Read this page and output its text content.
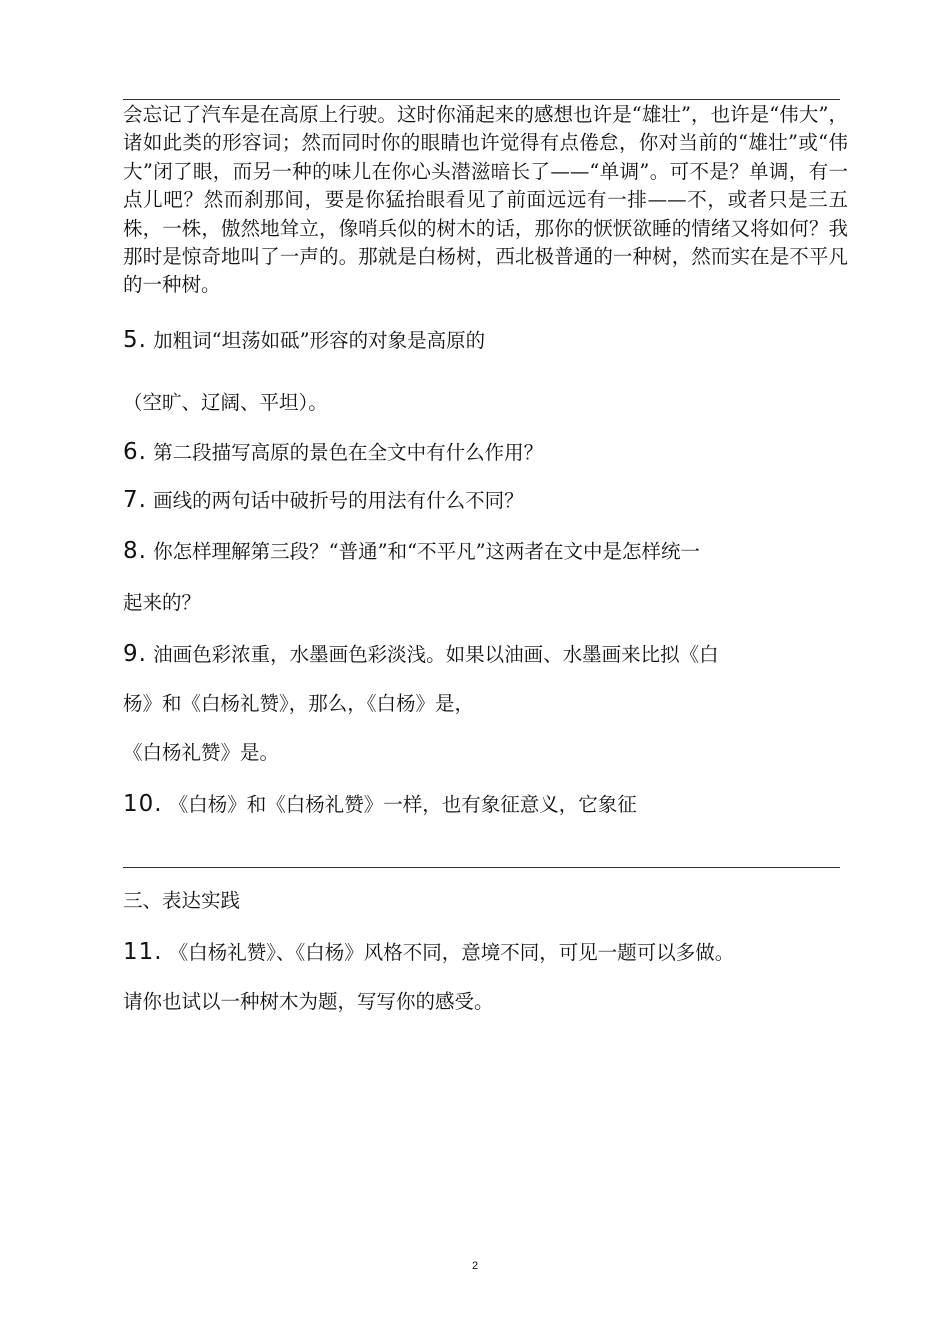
会忘记了汽车是在高原上行驶。这时你涌起来的感想也许是“雄壮”，也许是“伟大”，诸如此类的形容词；然而同时你的眼睛也许觉得有点倦怠，你对当前的“雄壮”或“伟大”闭了眼，而另一种的味儿在你心头潜滋暗长了——“单调”。可不是？单调，有一点儿吧？然而刹那间，要是你猛抬眼看见了前面远远有一排——不，或者只是三五株，一株，傲然地耸立，像哨兵似的树木的话，那你的恹恹欲睡的情绪又将如何？我那时是惊奇地叫了一声的。那就是白杨树，西北极普通的一种树，然而实在是不平凡的一种树。

5. 加粗词“坦荡如砥”形容的对象是高原的

（空旷、辽阔、平坦）。

6. 第二段描写高原的景色在全文中有什么作用？

7. 画线的两句话中破折号的用法有什么不同？

8. 你怎样理解第三段？“普通”和“不平凡”这两者在文中是怎样统一

起来的？

9. 油画色彩浓重，水墨画色彩淡浅。如果以油画、水墨画来比拟《白

杨》和《白杨礼赞》，那么，《白杨》是，

《白杨礼赞》是。

10. 《白杨》和《白杨礼赞》一样，也有象征意义，它象征

三、表达实践

11. 《白杨礼赞》、《白杨》风格不同，意境不同，可见一题可以多做。

请你也试以一种树木为题，写写你的感受。

2
